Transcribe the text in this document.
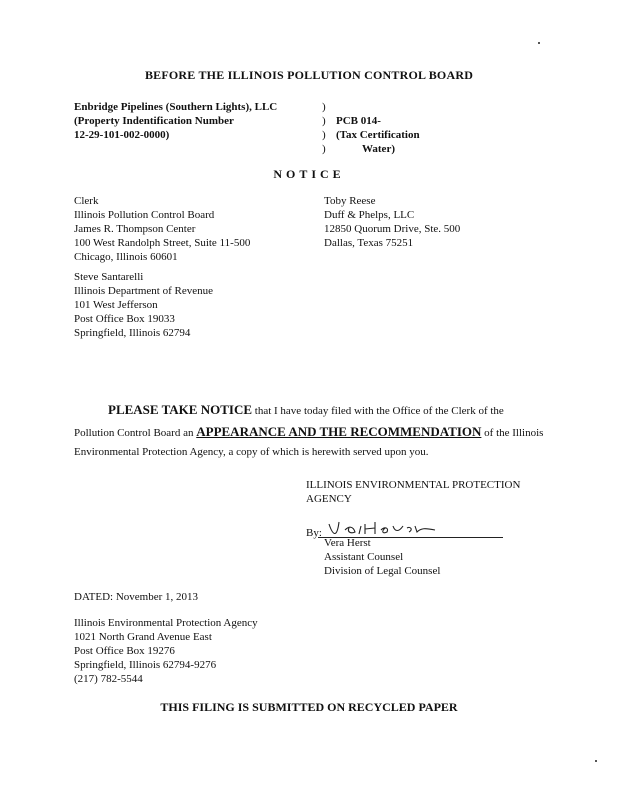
BEFORE THE ILLINOIS POLLUTION CONTROL BOARD
Enbridge Pipelines (Southern Lights), LLC
(Property Indentification Number
12-29-101-002-0000)
)
)
)
)
PCB 014-
(Tax Certification
Water)
NOTICE
Clerk
Illinois Pollution Control Board
James R. Thompson Center
100 West Randolph Street, Suite 11-500
Chicago, Illinois 60601
Toby Reese
Duff & Phelps, LLC
12850 Quorum Drive, Ste. 500
Dallas, Texas 75251
Steve Santarelli
Illinois Department of Revenue
101 West Jefferson
Post Office Box 19033
Springfield, Illinois 62794
PLEASE TAKE NOTICE that I have today filed with the Office of the Clerk of the
Pollution Control Board an APPEARANCE AND THE RECOMMENDATION of the Illinois
Environmental Protection Agency, a copy of which is herewith served upon you.
ILLINOIS ENVIRONMENTAL PROTECTION
AGENCY
By:
Vera Herst
Assistant Counsel
Division of Legal Counsel
DATED: November 1, 2013
Illinois Environmental Protection Agency
1021 North Grand Avenue East
Post Office Box 19276
Springfield, Illinois 62794-9276
(217) 782-5544
THIS FILING IS SUBMITTED ON RECYCLED PAPER
